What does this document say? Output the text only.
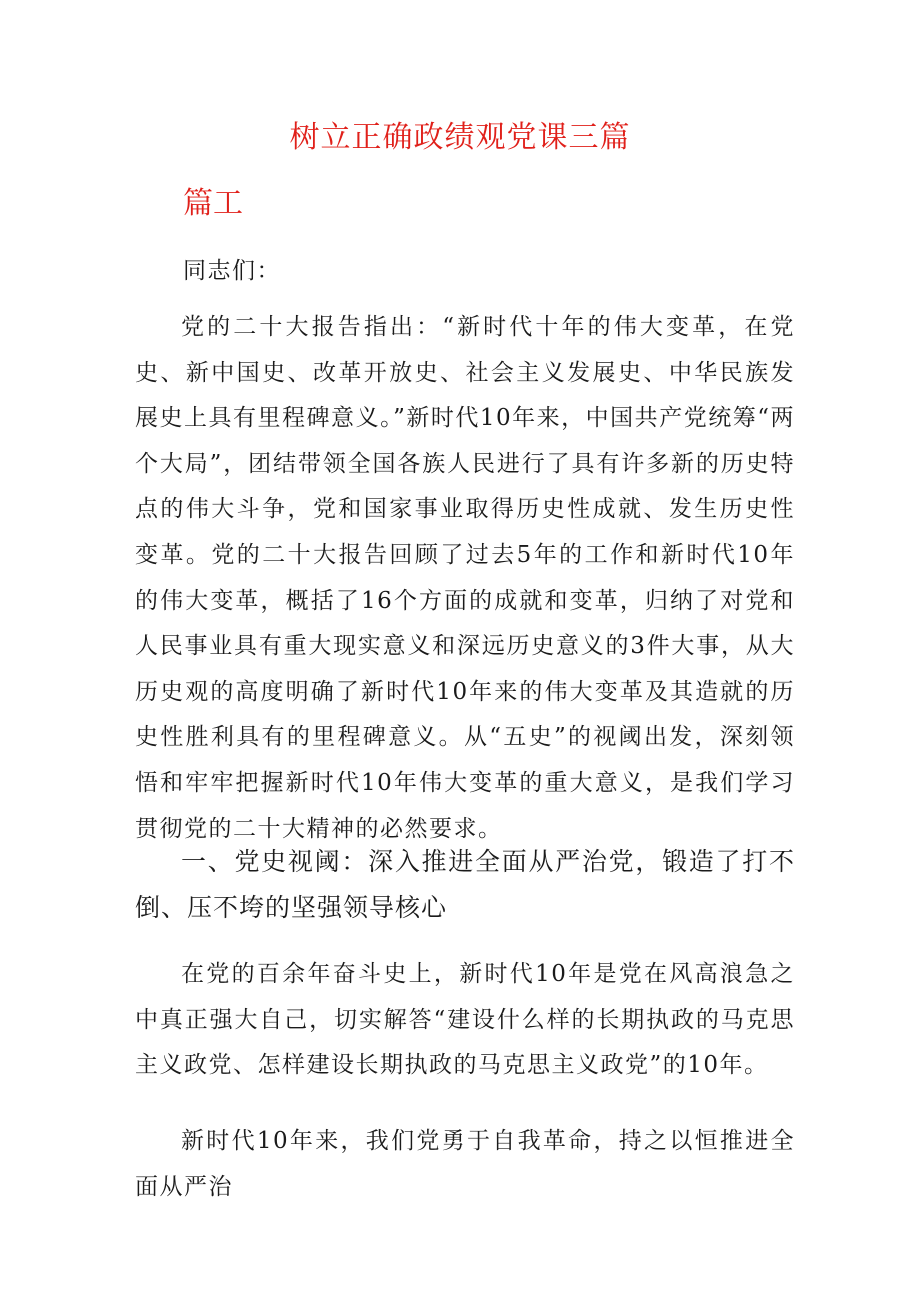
树立正确政绩观党课三篇
篇工

同志们：

党的二十大报告指出：“新时代十年的伟大变革，在党史、新中国史、改革开放史、社会主义发展史、中华民族发展史上具有里程碑意义。”新时代10年来，中国共产党统筹“两个大局”，团结带领全国各族人民进行了具有许多新的历史特点的伟大斗争，党和国家事业取得历史性成就、发生历史性变革。党的二十大报告回顾了过去5年的工作和新时代10年的伟大变革，概括了16个方面的成就和变革，归纳了对党和人民事业具有重大现实意义和深远历史意义的3件大事，从大历史观的高度明确了新时代10年来的伟大变革及其造就的历史性胜利具有的里程碑意义。从“五史”的视阈出发，深刻领悟和牢牢把握新时代10年伟大变革的重大意义，是我们学习贯彻党的二十大精神的必然要求。

一、党史视阈：深入推进全面从严治党，锻造了打不倒、压不垮的坚强领导核心

在党的百余年奋斗史上，新时代10年是党在风高浪急之中真正强大自己，切实解答“建设什么样的长期执政的马克思主义政党、怎样建设长期执政的马克思主义政党”的10年。

新时代10年来，我们党勇于自我革命，持之以恒推进全面从严治
